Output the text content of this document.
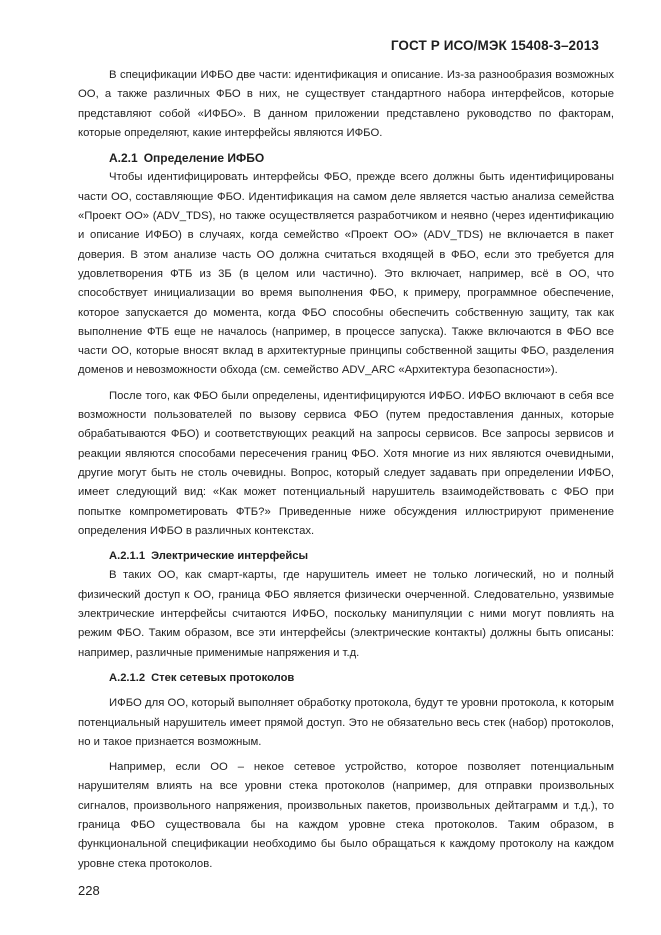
ГОСТ Р ИСО/МЭК 15408-3–2013

В спецификации ИФБО две части: идентификация и описание. Из-за разнообразия возможных ОО, а также различных ФБО в них, не существует стандартного набора интерфейсов, которые представляют собой «ИФБО». В данном приложении представлено руководство по факторам, которые определяют, какие интерфейсы являются ИФБО.

А.2.1 Определение ИФБО

Чтобы идентифицировать интерфейсы ФБО, прежде всего должны быть идентифицированы части ОО, составляющие ФБО. Идентификация на самом деле является частью анализа семейства «Проект ОО» (ADV_TDS), но также осуществляется разработчиком и неявно (через идентификацию и описание ИФБО) в случаях, когда семейство «Проект ОО» (ADV_TDS) не включается в пакет доверия. В этом анализе часть ОО должна считаться входящей в ФБО, если это требуется для удовлетворения ФТБ из 3Б (в целом или частично). Это включает, например, всё в ОО, что способствует инициализации во время выполнения ФБО, к примеру, программное обеспечение, которое запускается до момента, когда ФБО способны обеспечить собственную защиту, так как выполнение ФТБ еще не началось (например, в процессе запуска). Также включаются в ФБО все части ОО, которые вносят вклад в архитектурные принципы собственной защиты ФБО, разделения доменов и невозможности обхода (см. семейство ADV_ARC «Архитектура безопасности»).

После того, как ФБО были определены, идентифицируются ИФБО. ИФБО включают в себя все возможности пользователей по вызову сервиса ФБО (путем предоставления данных, которые обрабатываются ФБО) и соответствующих реакций на запросы сервисов. Все запросы зервисов и реакции являются способами пересечения границ ФБО. Хотя многие из них являются очевидными, другие могут быть не столь очевидны. Вопрос, который следует задавать при определении ИФБО, имеет следующий вид: «Как может потенциальный нарушитель взаимодействовать с ФБО при попытке компрометировать ФТБ?» Приведенные ниже обсуждения иллюстрируют применение определения ИФБО в различных контекстах.

А.2.1.1 Электрические интерфейсы

В таких ОО, как смарт-карты, где нарушитель имеет не только логический, но и полный физический доступ к ОО, граница ФБО является физически очерченной. Следовательно, уязвимые электрические интерфейсы считаются ИФБО, поскольку манипуляции с ними могут повлиять на режим ФБО. Таким образом, все эти интерфейсы (электрические контакты) должны быть описаны: например, различные применимые напряжения и т.д.

А.2.1.2 Стек сетевых протоколов

ИФБО для ОО, который выполняет обработку протокола, будут те уровни протокола, к которым потенциальный нарушитель имеет прямой доступ. Это не обязательно весь стек (набор) протоколов, но и такое признается возможным.

Например, если ОО – некое сетевое устройство, которое позволяет потенциальным нарушителям влиять на все уровни стека протоколов (например, для отправки произвольных сигналов, произвольного напряжения, произвольных пакетов, произвольных дейтаграмм и т.д.), то граница ФБО существовала бы на каждом уровне стека протоколов. Таким образом, в функциональной спецификации необходимо бы было обращаться к каждому протоколу на каждом уровне стека протоколов.

228
